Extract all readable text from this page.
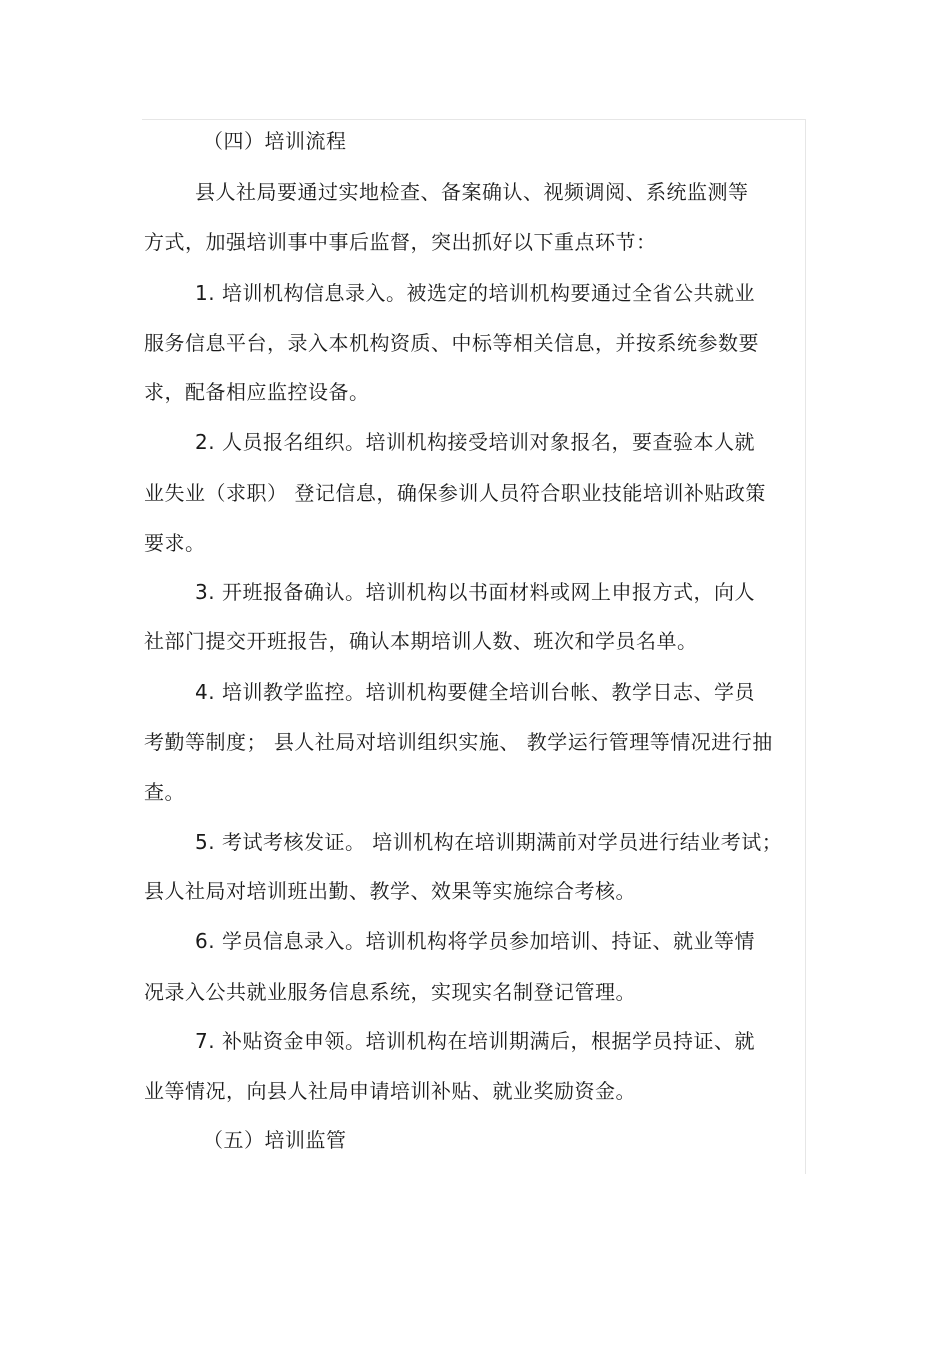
（四）培训流程
县人社局要通过实地检查、备案确认、视频调阅、系统监测等
方式，加强培训事中事后监督，突出抓好以下重点环节：
1. 培训机构信息录入。被选定的培训机构要通过全省公共就业
服务信息平台，录入本机构资质、中标等相关信息，并按系统参数要
求，配备相应监控设备。
2. 人员报名组织。培训机构接受培训对象报名，要查验本人就
业失业（求职） 登记信息，确保参训人员符合职业技能培训补贴政策
要求。
3. 开班报备确认。培训机构以书面材料或网上申报方式，向人
社部门提交开班报告，确认本期培训人数、班次和学员名单。
4. 培训教学监控。培训机构要健全培训台帐、教学日志、学员
考勤等制度； 县人社局对培训组织实施、 教学运行管理等情况进行抽
查。
5. 考试考核发证。 培训机构在培训期满前对学员进行结业考试；
县人社局对培训班出勤、教学、效果等实施综合考核。
6. 学员信息录入。培训机构将学员参加培训、持证、就业等情
况录入公共就业服务信息系统，实现实名制登记管理。
7. 补贴资金申领。培训机构在培训期满后，根据学员持证、就
业等情况，向县人社局申请培训补贴、就业奖励资金。
（五）培训监管
